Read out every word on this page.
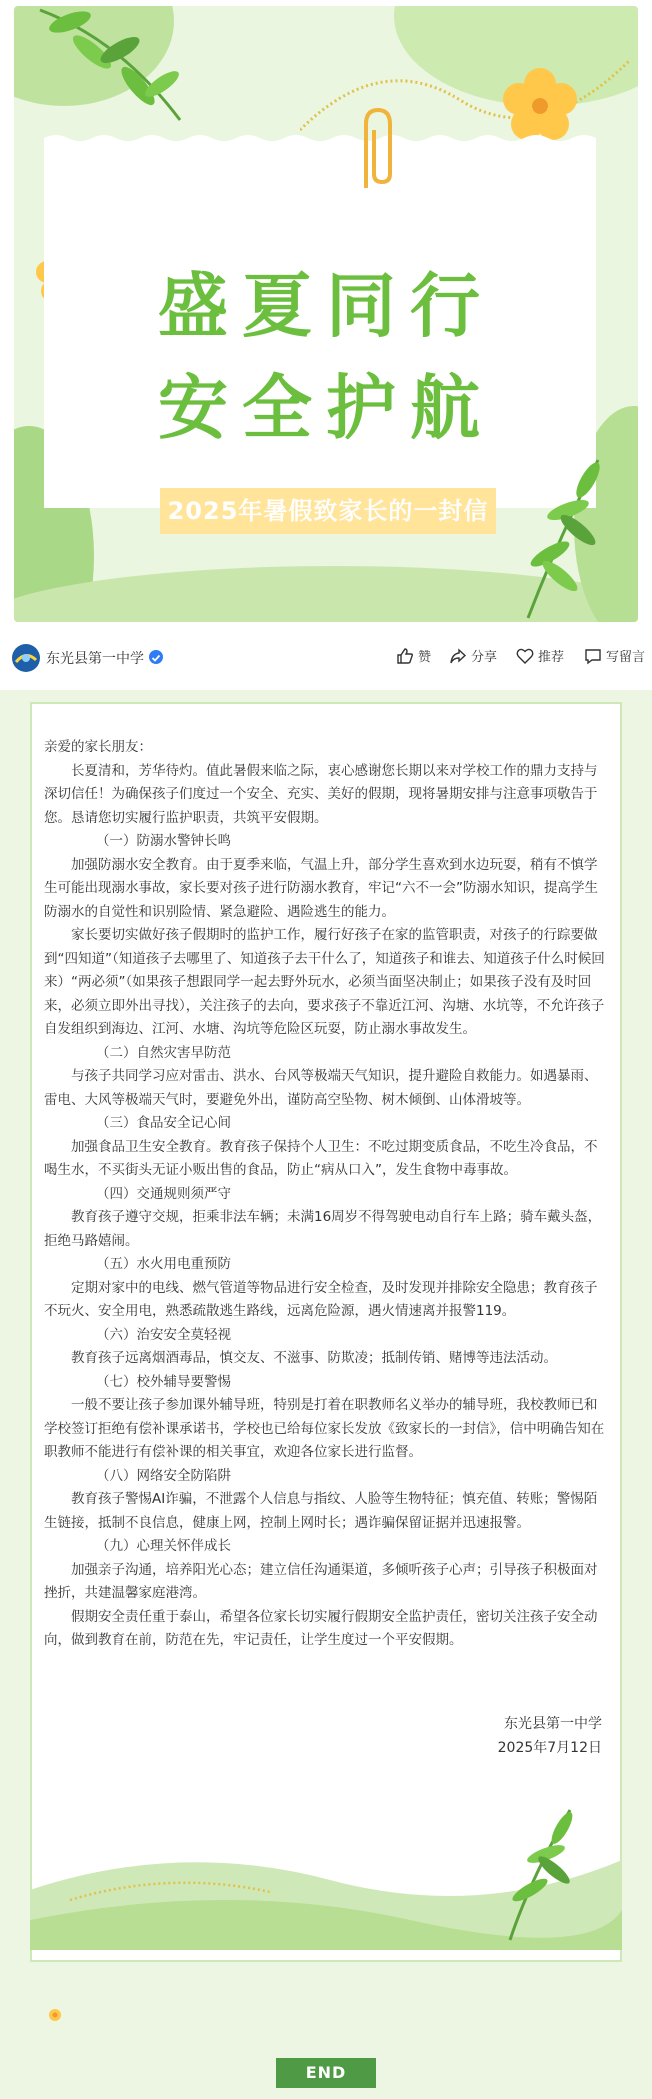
盛夏同行
安全护航
2025年暑假致家长的一封信
东光县第一中学	赞	分享	推荐	写留言

亲爱的家长朋友：

长夏清和，芳华待灼。值此暑假来临之际，衷心感谢您长期以来对学校工作的鼎力支持与深切信任！为确保孩子们度过一个安全、充实、美好的假期，现将暑期安排与注意事项敬告于您。恳请您切实履行监护职责，共筑平安假期。

（一）防溺水警钟长鸣

加强防溺水安全教育。由于夏季来临，气温上升，部分学生喜欢到水边玩耍，稍有不慎学生可能出现溺水事故，家长要对孩子进行防溺水教育，牢记“六不一会”防溺水知识，提高学生防溺水的自觉性和识别险情、紧急避险、遇险逃生的能力。

家长要切实做好孩子假期时的监护工作，履行好孩子在家的监管职责，对孩子的行踪要做到“四知道”（知道孩子去哪里了、知道孩子去干什么了，知道孩子和谁去、知道孩子什么时候回来）“两必须”（如果孩子想跟同学一起去野外玩水，必须当面坚决制止；如果孩子没有及时回来，必须立即外出寻找），关注孩子的去向，要求孩子不靠近江河、沟塘、水坑等，不允许孩子自发组织到海边、江河、水塘、沟坑等危险区玩耍，防止溺水事故发生。

（二）自然灾害早防范

与孩子共同学习应对雷击、洪水、台风等极端天气知识，提升避险自救能力。如遇暴雨、雷电、大风等极端天气时，要避免外出，谨防高空坠物、树木倾倒、山体滑坡等。

（三）食品安全记心间

加强食品卫生安全教育。教育孩子保持个人卫生：不吃过期变质食品，不吃生冷食品，不喝生水，不买街头无证小贩出售的食品，防止“病从口入”，发生食物中毒事故。

（四）交通规则须严守

教育孩子遵守交规，拒乘非法车辆；未满16周岁不得驾驶电动自行车上路；骑车戴头盔，拒绝马路嬉闹。

（五）水火用电重预防

定期对家中的电线、燃气管道等物品进行安全检查，及时发现并排除安全隐患；教育孩子不玩火、安全用电，熟悉疏散逃生路线，远离危险源，遇火情速离并报警119。

（六）治安安全莫轻视

教育孩子远离烟酒毒品，慎交友、不滋事、防欺凌；抵制传销、赌博等违法活动。

（七）校外辅导要警惕

一般不要让孩子参加课外辅导班，特别是打着在职教师名义举办的辅导班，我校教师已和学校签订拒绝有偿补课承诺书，学校也已给每位家长发放《致家长的一封信》，信中明确告知在职教师不能进行有偿补课的相关事宜，欢迎各位家长进行监督。

（八）网络安全防陷阱

教育孩子警惕AI诈骗，不泄露个人信息与指纹、人脸等生物特征；慎充值、转账；警惕陌生链接，抵制不良信息，健康上网，控制上网时长；遇诈骗保留证据并迅速报警。

（九）心理关怀伴成长

加强亲子沟通，培养阳光心态；建立信任沟通渠道，多倾听孩子心声；引导孩子积极面对挫折，共建温馨家庭港湾。

假期安全责任重于泰山，希望各位家长切实履行假期安全监护责任，密切关注孩子安全动向，做到教育在前，防范在先，牢记责任，让学生度过一个平安假期。

东光县第一中学
2025年7月12日
END
